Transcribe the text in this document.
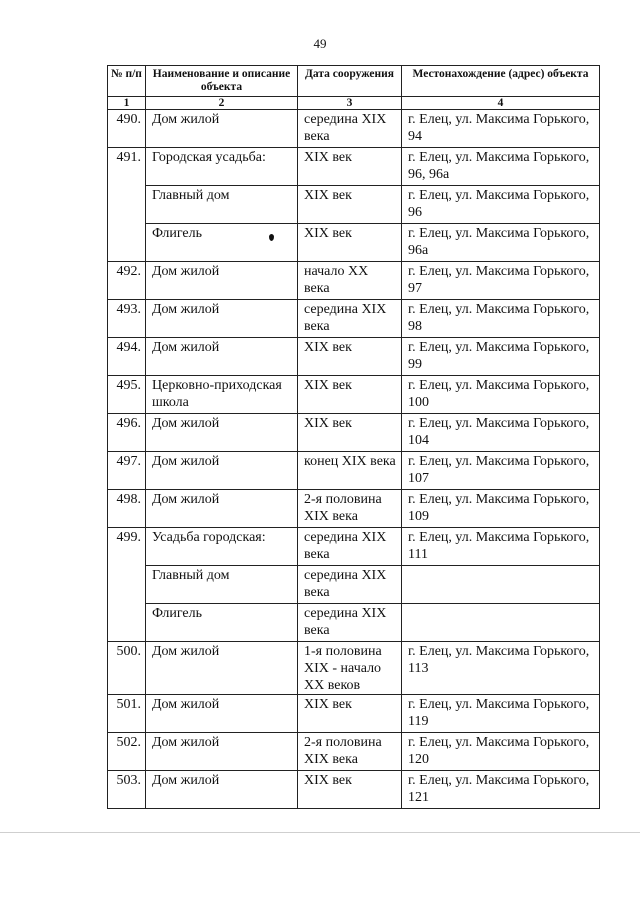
49
№ п/п	Наименование и описание объекта	Дата сооружения	Местонахождение (адрес) объекта
1	2	3	4
490.	Дом жилой	середина XIX века	г. Елец, ул. Максима Горького, 94
491.	Городская усадьба:	XIX век	г. Елец, ул. Максима Горького, 96, 96а
	Главный дом	XIX век	г. Елец, ул. Максима Горького, 96
	Флигель	XIX век	г. Елец, ул. Максима Горького, 96а
492.	Дом жилой	начало XX века	г. Елец, ул. Максима Горького, 97
493.	Дом жилой	середина XIX века	г. Елец, ул. Максима Горького, 98
494.	Дом жилой	XIX век	г. Елец, ул. Максима Горького, 99
495.	Церковно-приходская школа	XIX век	г. Елец, ул. Максима Горького, 100
496.	Дом жилой	XIX век	г. Елец, ул. Максима Горького, 104
497.	Дом жилой	конец XIX века	г. Елец, ул. Максима Горького, 107
498.	Дом жилой	2-я половина XIX века	г. Елец, ул. Максима Горького, 109
499.	Усадьба городская:	середина XIX века	г. Елец, ул. Максима Горького, 111
	Главный дом	середина XIX века	
	Флигель	середина XIX века	
500.	Дом жилой	1-я половина XIX - начало XX веков	г. Елец, ул. Максима Горького, 113
501.	Дом жилой	XIX век	г. Елец, ул. Максима Горького, 119
502.	Дом жилой	2-я половина XIX века	г. Елец, ул. Максима Горького, 120
503.	Дом жилой	XIX век	г. Елец, ул. Максима Горького, 121
